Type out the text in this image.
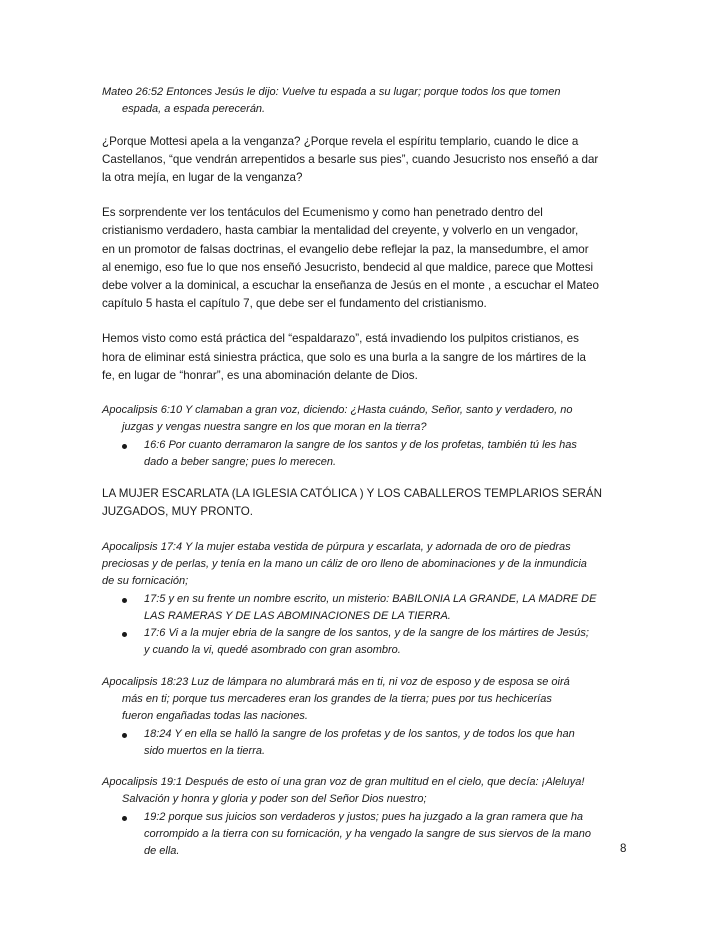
Mateo 26:52 Entonces Jesús le dijo: Vuelve tu espada a su lugar; porque todos los que tomen
espada, a espada perecerán.
¿Porque Mottesi apela a la venganza? ¿Porque revela el espíritu templario, cuando le dice a
Castellanos, “que vendrán arrepentidos a besarle sus pies”, cuando Jesucristo nos enseñó a dar
la otra mejía, en lugar de la venganza?
Es sorprendente ver los tentáculos del Ecumenismo y como han penetrado dentro del
cristianismo verdadero, hasta cambiar la mentalidad del creyente, y volverlo en un vengador,
en un promotor de falsas doctrinas, el evangelio debe reflejar la paz, la mansedumbre, el amor
al enemigo, eso fue lo que nos enseñó Jesucristo, bendecid al que maldice, parece que Mottesi
debe volver a la dominical, a escuchar la enseñanza de Jesús en el monte , a escuchar el Mateo
capítulo 5 hasta el capítulo 7, que debe ser el fundamento del cristianismo.
Hemos visto como está práctica del “espaldarazo”, está invadiendo los pulpitos cristianos, es
hora de eliminar está siniestra práctica, que solo es una burla a la sangre de los mártires de la
fe, en lugar de “honrar”, es una abominación delante de Dios.
Apocalipsis 6:10 Y clamaban a gran voz, diciendo: ¿Hasta cuándo, Señor, santo y verdadero, no
juzgas y vengas nuestra sangre en los que moran en la tierra?
16:6 Por cuanto derramaron la sangre de los santos y de los profetas, también tú les has
dado a beber sangre; pues lo merecen.
LA MUJER ESCARLATA (LA IGLESIA CATÓLICA ) Y LOS CABALLEROS TEMPLARIOS SERÁN
JUZGADOS, MUY PRONTO.
Apocalipsis 17:4 Y la mujer estaba vestida de púrpura y escarlata, y adornada de oro de piedras
preciosas y de perlas, y tenía en la mano un cáliz de oro lleno de abominaciones y de la inmundicia
de su fornicación;
17:5 y en su frente un nombre escrito, un misterio: BABILONIA LA GRANDE, LA MADRE DE
LAS RAMERAS Y DE LAS ABOMINACIONES DE LA TIERRA.
17:6 Vi a la mujer ebria de la sangre de los santos, y de la sangre de los mártires de Jesús;
y cuando la vi, quedé asombrado con gran asombro.
Apocalipsis 18:23 Luz de lámpara no alumbrará más en ti, ni voz de esposo y de esposa se oirá
más en ti; porque tus mercaderes eran los grandes de la tierra; pues por tus hechicerías
fueron engañadas todas las naciones.
18:24 Y en ella se halló la sangre de los profetas y de los santos, y de todos los que han
sido muertos en la tierra.
Apocalipsis 19:1 Después de esto oí una gran voz de gran multitud en el cielo, que decía: ¡Aleluya!
Salvación y honra y gloria y poder son del Señor Dios nuestro;
19:2 porque sus juicios son verdaderos y justos; pues ha juzgado a la gran ramera que ha
corrompido a la tierra con su fornicación, y ha vengado la sangre de sus siervos de la mano
de ella.	8
